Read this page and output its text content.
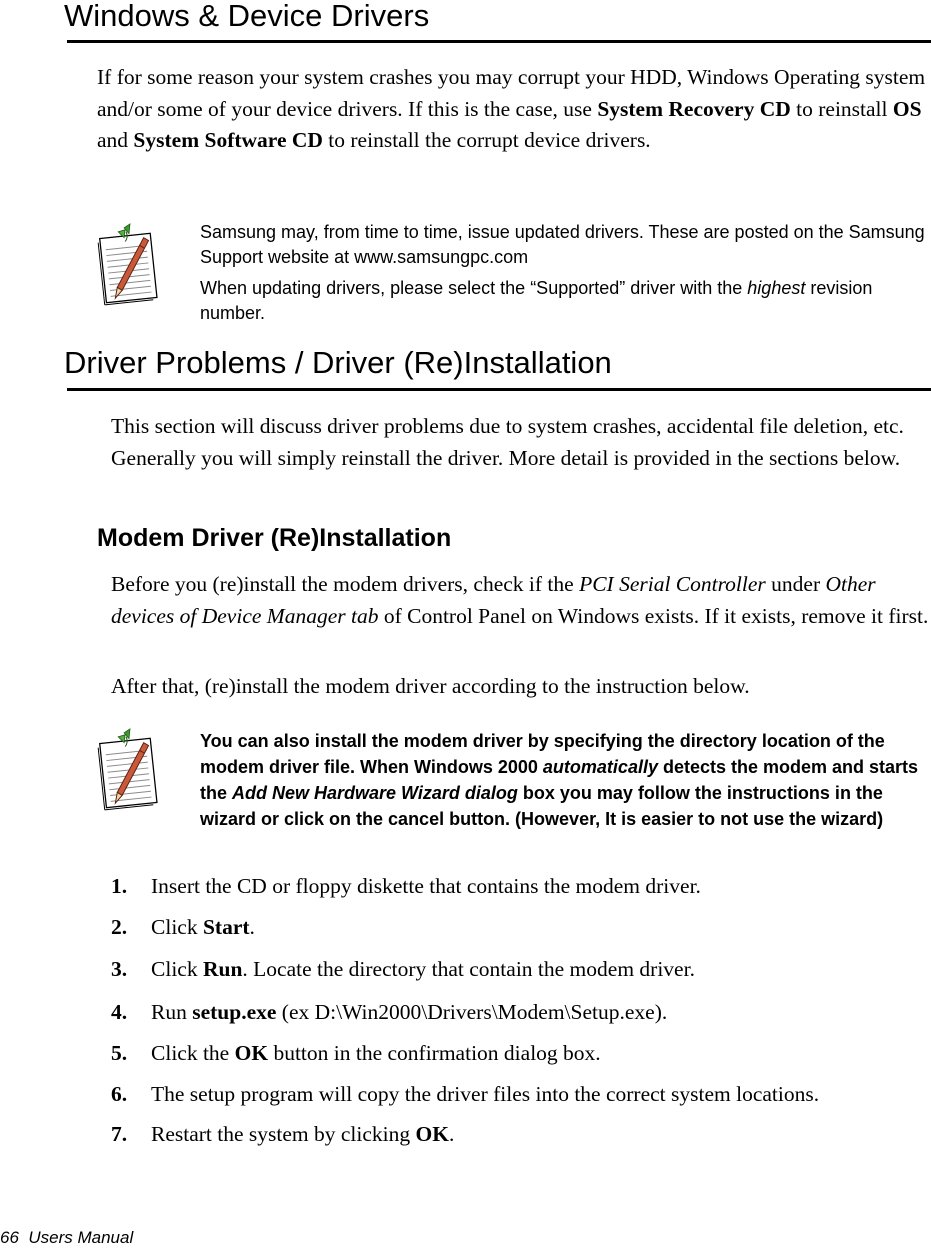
Windows & Device Drivers

If for some reason your system crashes you may corrupt your HDD, Windows Operating system and/or some of your device drivers. If this is the case, use System Recovery CD to reinstall OS and System Software CD to reinstall the corrupt device drivers.

Samsung may, from time to time, issue updated drivers. These are posted on the Samsung Support website at www.samsungpc.com

When updating drivers, please select the “Supported” driver with the highest revision number.

Driver Problems / Driver (Re)Installation

This section will discuss driver problems due to system crashes, accidental file deletion, etc. Generally you will simply reinstall the driver. More detail is provided in the sections below.

Modem Driver (Re)Installation

Before you (re)install the modem drivers, check if the PCI Serial Controller under Other devices of Device Manager tab of Control Panel on Windows exists. If it exists, remove it first.

After that, (re)install the modem driver according to the instruction below.

You can also install the modem driver by specifying the directory location of the modem driver file. When Windows 2000 automatically detects the modem and starts the Add New Hardware Wizard dialog box you may follow the instructions in the wizard or click on the cancel button. (However, It is easier to not use the wizard)

1. Insert the CD or floppy diskette that contains the modem driver.
2. Click Start.
3. Click Run. Locate the directory that contain the modem driver.
4. Run setup.exe (ex D:\Win2000\Drivers\Modem\Setup.exe).
5. Click the OK button in the confirmation dialog box.
6. The setup program will copy the driver files into the correct system locations.
7. Restart the system by clicking OK.
66 Users Manual
